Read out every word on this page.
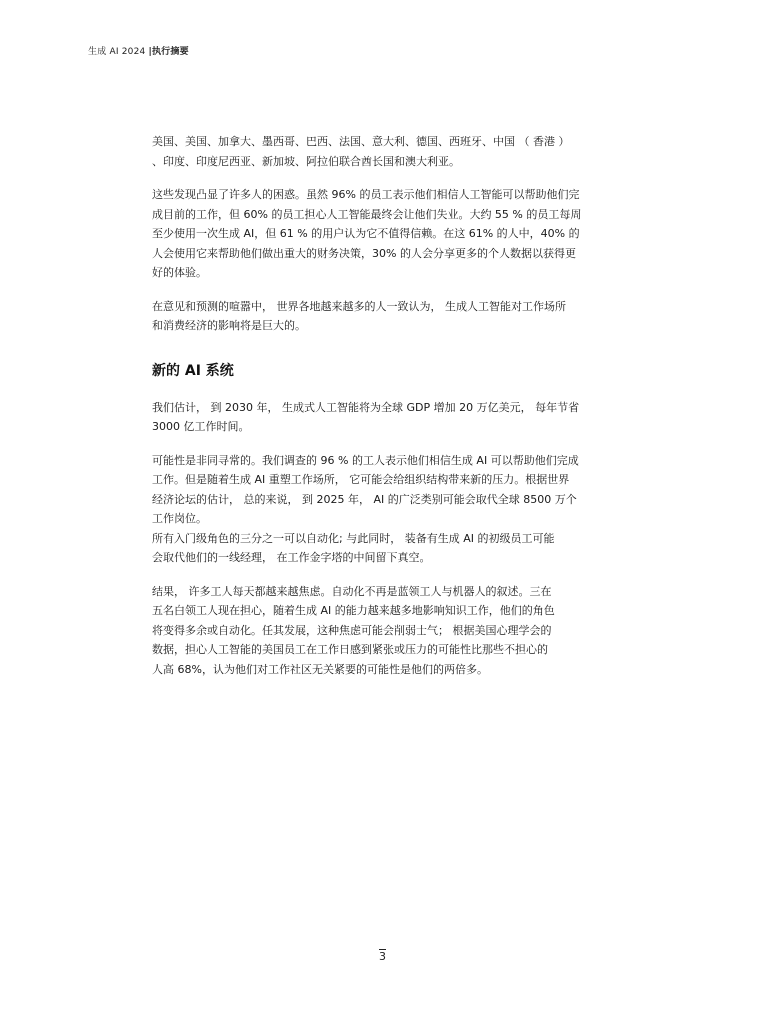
生成 AI 2024 |执行摘要

美国、美国、加拿大、墨西哥、巴西、法国、意大利、德国、西班牙、中国 （ 香港 ）
、印度、印度尼西亚、新加坡、阿拉伯联合酋长国和澳大利亚。

这些发现凸显了许多人的困惑。虽然 96% 的员工表示他们相信人工智能可以帮助他们完
成目前的工作，但 60% 的员工担心人工智能最终会让他们失业。大约 55 % 的员工每周
至少使用一次生成 AI，但 61 % 的用户认为它不值得信赖。在这 61% 的人中，40% 的
人会使用它来帮助他们做出重大的财务决策，30% 的人会分享更多的个人数据以获得更
好的体验。

在意见和预测的喧嚣中， 世界各地越来越多的人一致认为， 生成人工智能对工作场所
和消费经济的影响将是巨大的。

新的 AI 系统

我们估计， 到 2030 年， 生成式人工智能将为全球 GDP 增加 20 万亿美元， 每年节省
3000 亿工作时间。

可能性是非同寻常的。我们调查的 96 % 的工人表示他们相信生成 AI 可以帮助他们完成
工作。但是随着生成 AI 重塑工作场所， 它可能会给组织结构带来新的压力。根据世界
经济论坛的估计， 总的来说， 到 2025 年， AI 的广泛类别可能会取代全球 8500 万个
工作岗位。

所有入门级角色的三分之一可以自动化; 与此同时， 装备有生成 AI 的初级员工可能
会取代他们的一线经理， 在工作金字塔的中间留下真空。

结果， 许多工人每天都越来越焦虑。自动化不再是蓝领工人与机器人的叙述。三在
五名白领工人现在担心，随着生成 AI 的能力越来越多地影响知识工作，他们的角色
将变得多余或自动化。任其发展，这种焦虑可能会削弱士气； 根据美国心理学会的
数据，担心人工智能的美国员工在工作日感到紧张或压力的可能性比那些不担心的
人高 68%，认为他们对工作社区无关紧要的可能性是他们的两倍多。

3
